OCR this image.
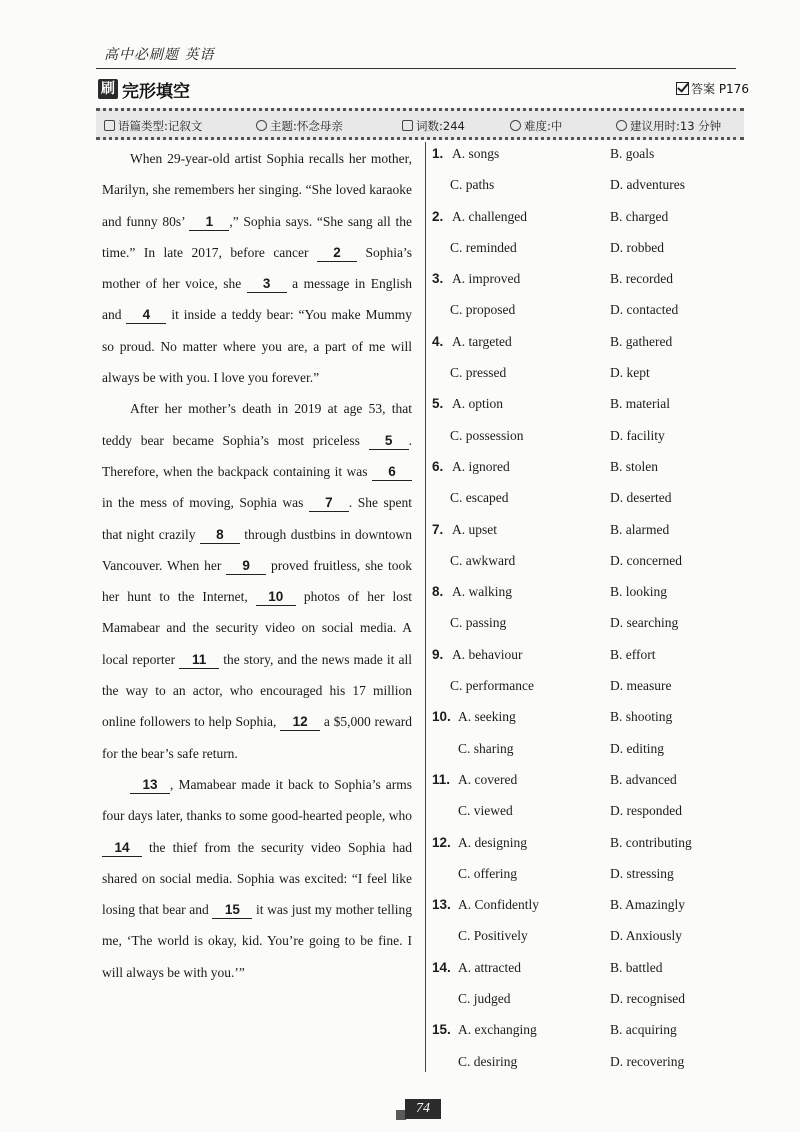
高中必刷题 英语
刷 完形填空	答案 P176
语篇类型:记叙文	主题:怀念母亲	词数:244	难度:中	建议用时:13 分钟

When 29-year-old artist Sophia recalls her mother, Marilyn, she remembers her singing. “She loved karaoke and funny 80s’ 1 ,” Sophia says. “She sang all the time.” In late 2017, before cancer 2 Sophia’s mother of her voice, she 3 a message in English and 4 it inside a teddy bear: “You make Mummy so proud. No matter where you are, a part of me will always be with you. I love you forever.”

After her mother’s death in 2019 at age 53, that teddy bear became Sophia’s most priceless 5 . Therefore, when the backpack containing it was 6 in the mess of moving, Sophia was 7 . She spent that night crazily 8 through dustbins in downtown Vancouver. When her 9 proved fruitless, she took her hunt to the Internet, 10 photos of her lost Mamabear and the security video on social media. A local reporter 11 the story, and the news made it all the way to an actor, who encouraged his 17 million online followers to help Sophia, 12 a $5,000 reward for the bear’s safe return.

13 , Mamabear made it back to Sophia’s arms four days later, thanks to some good-hearted people, who 14 the thief from the security video Sophia had shared on social media. Sophia was excited: “I feel like losing that bear and 15 it was just my mother telling me, ‘The world is okay, kid. You’re going to be fine. I will always be with you.’”

1. A. songs	B. goals
C. paths	D. adventures
2. A. challenged	B. charged
C. reminded	D. robbed
3. A. improved	B. recorded
C. proposed	D. contacted
4. A. targeted	B. gathered
C. pressed	D. kept
5. A. option	B. material
C. possession	D. facility
6. A. ignored	B. stolen
C. escaped	D. deserted
7. A. upset	B. alarmed
C. awkward	D. concerned
8. A. walking	B. looking
C. passing	D. searching
9. A. behaviour	B. effort
C. performance	D. measure
10. A. seeking	B. shooting
C. sharing	D. editing
11. A. covered	B. advanced
C. viewed	D. responded
12. A. designing	B. contributing
C. offering	D. stressing
13. A. Confidently	B. Amazingly
C. Positively	D. Anxiously
14. A. attracted	B. battled
C. judged	D. recognised
15. A. exchanging	B. acquiring
C. desiring	D. recovering
74
